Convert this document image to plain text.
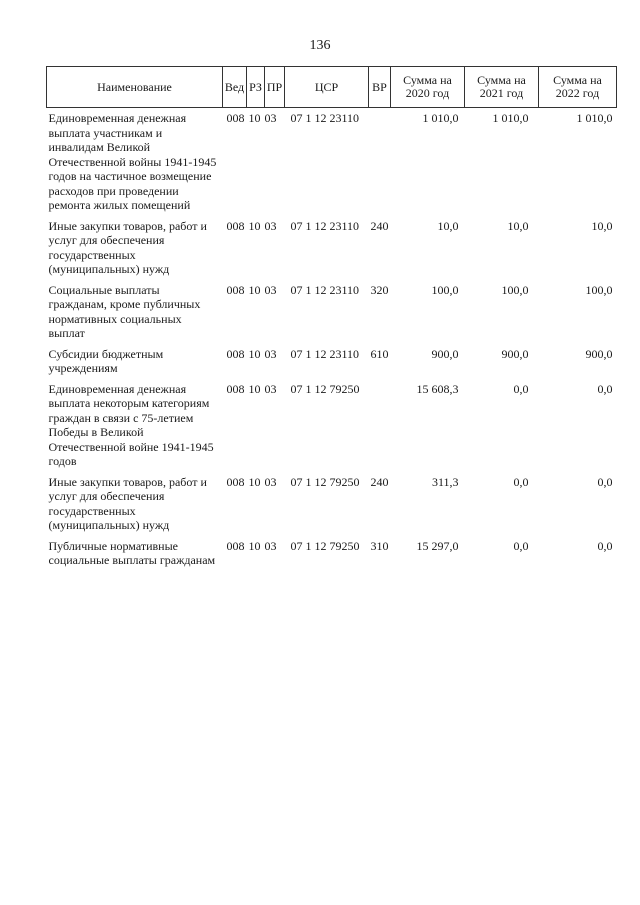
136
Наименование	Вед	РЗ	ПР	ЦСР	ВР	Сумма на 2020 год	Сумма на 2021 год	Сумма на 2022 год
Единовременная денежная выплата участникам и инвалидам Великой Отечественной войны 1941-1945 годов на частичное возмещение расходов при проведении ремонта жилых помещений	008	10	03	07 1 12 23110		1 010,0	1 010,0	1 010,0
Иные закупки товаров, работ и услуг для обеспечения государственных (муниципальных) нужд	008	10	03	07 1 12 23110	240	10,0	10,0	10,0
Социальные выплаты гражданам, кроме публичных нормативных социальных выплат	008	10	03	07 1 12 23110	320	100,0	100,0	100,0
Субсидии бюджетным учреждениям	008	10	03	07 1 12 23110	610	900,0	900,0	900,0
Единовременная денежная выплата некоторым категориям граждан в связи с 75-летием Победы в Великой Отечественной войне 1941-1945 годов	008	10	03	07 1 12 79250		15 608,3	0,0	0,0
Иные закупки товаров, работ и услуг для обеспечения государственных (муниципальных) нужд	008	10	03	07 1 12 79250	240	311,3	0,0	0,0
Публичные нормативные социальные выплаты гражданам	008	10	03	07 1 12 79250	310	15 297,0	0,0	0,0
